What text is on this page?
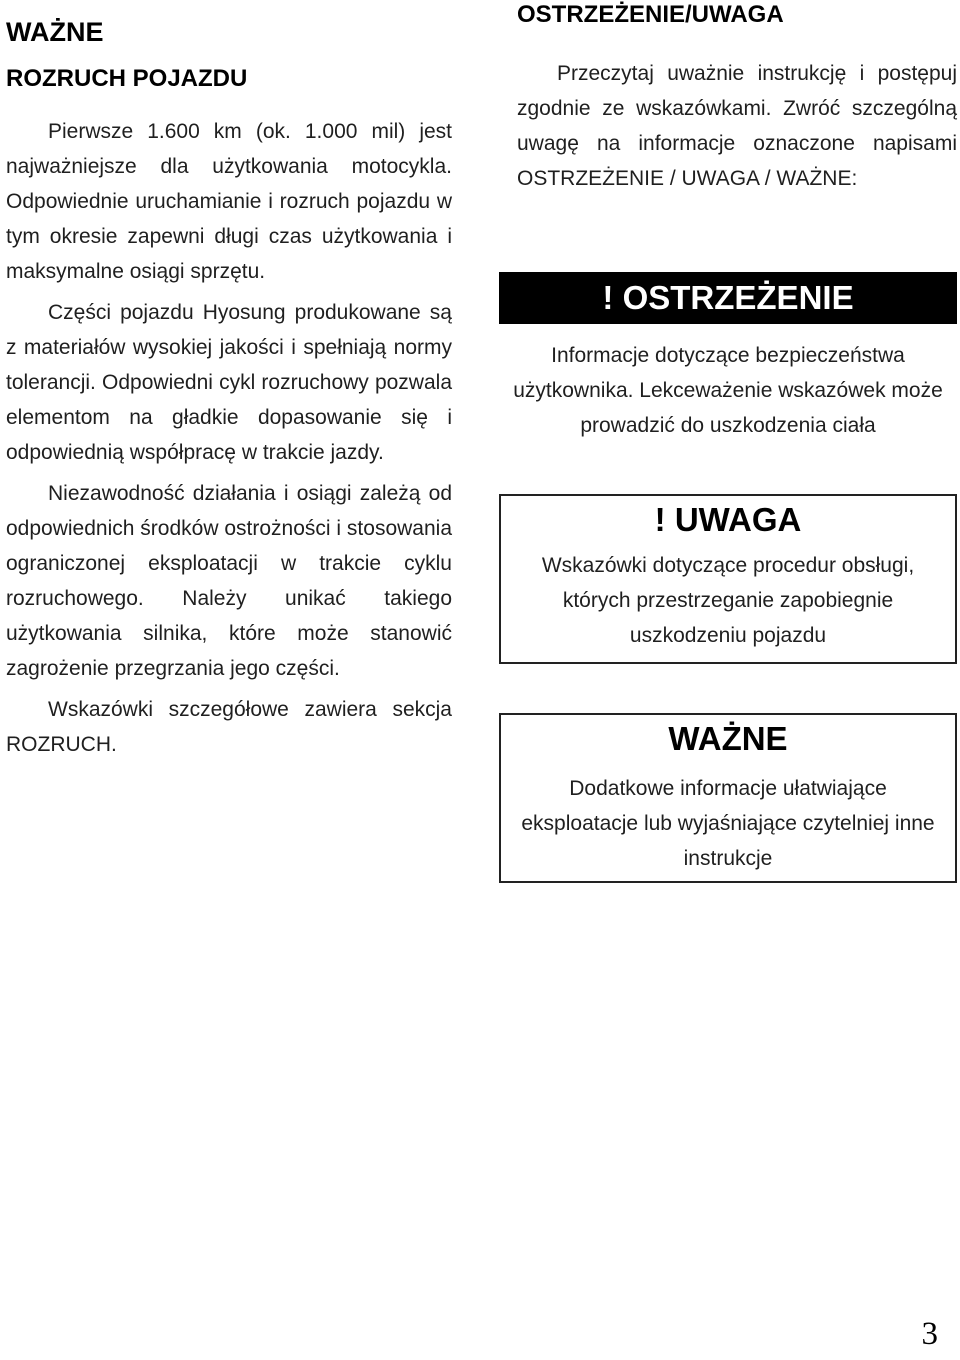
WAŻNE
ROZRUCH POJAZDU

Pierwsze 1.600 km (ok. 1.000 mil) jest najważniejsze dla użytkowania motocykla. Odpowiednie uruchamianie i rozruch pojazdu w tym okresie zapewni długi czas użytkowania i maksymalne osiągi sprzętu.

Części pojazdu Hyosung produkowane są z materiałów wysokiej jakości i spełniają normy tolerancji. Odpowiedni cykl rozruchowy pozwala elementom na gładkie dopasowanie się i odpowiednią współpracę w trakcie jazdy.

Niezawodność działania i osiągi zależą od odpowiednich środków ostrożności i stosowania ograniczonej eksploatacji w trakcie cyklu rozruchowego. Należy unikać takiego użytkowania silnika, które może stanowić zagrożenie przegrzania jego części.

Wskazówki szczegółowe zawiera sekcja ROZRUCH.

OSTRZEŻENIE/UWAGA

Przeczytaj uważnie instrukcję i postępuj zgodnie ze wskazówkami. Zwróć szczególną uwagę na informacje oznaczone napisami OSTRZEŻENIE / UWAGA / WAŻNE:

! OSTRZEŻENIE
Informacje dotyczące bezpieczeństwa użytkownika. Lekceważenie wskazówek może prowadzić do uszkodzenia ciała
! UWAGA
Wskazówki dotyczące procedur obsługi, których przestrzeganie zapobiegnie uszkodzeniu pojazdu
WAŻNE
Dodatkowe informacje ułatwiające eksploatacje lub wyjaśniające czytelniej inne instrukcje
3
